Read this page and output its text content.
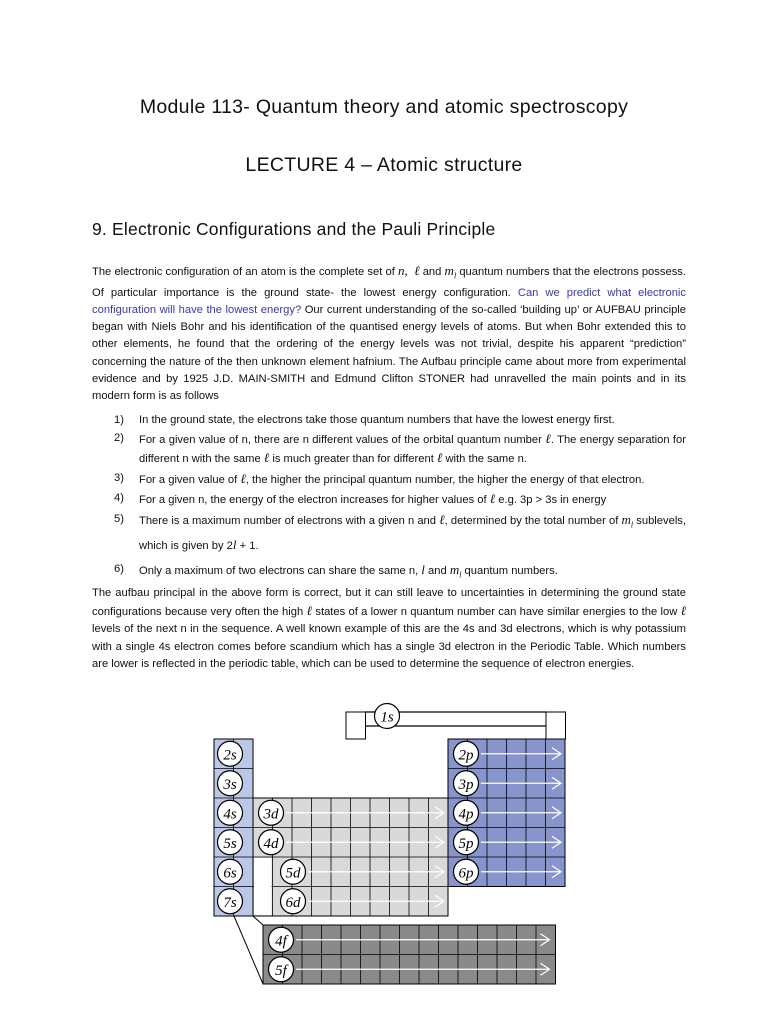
Module 113- Quantum theory and atomic spectroscopy
LECTURE 4 – Atomic structure
9. Electronic Configurations and the Pauli Principle
The electronic configuration of an atom is the complete set of n, ℓ and $m_l$ quantum numbers that the electrons possess. Of particular importance is the ground state- the lowest energy configuration. Can we predict what electronic configuration will have the lowest energy? Our current understanding of the so-called ‘building up’ or AUFBAU principle began with Niels Bohr and his identification of the quantised energy levels of atoms. But when Bohr extended this to other elements, he found that the ordering of the energy levels was not trivial, despite his apparent “prediction” concerning the nature of the then unknown element hafnium. The Aufbau principle came about more from experimental evidence and by 1925 J.D. MAIN-SMITH and Edmund Clifton STONER had unravelled the main points and in its modern form is as follows
1) In the ground state, the electrons take those quantum numbers that have the lowest energy first.
2) For a given value of n, there are n different values of the orbital quantum number ℓ. The energy separation for different n with the same ℓ is much greater than for different ℓ with the same n.
3) For a given value of ℓ, the higher the principal quantum number, the higher the energy of that electron.
4) For a given n, the energy of the electron increases for higher values of ℓ e.g. 3p > 3s in energy
5) There is a maximum number of electrons with a given n and ℓ, determined by the total number of $m_l$ sublevels, which is given by 2l + 1.
6) Only a maximum of two electrons can share the same n, l and $m_l$ quantum numbers.
The aufbau principal in the above form is correct, but it can still leave to uncertainties in determining the ground state configurations because very often the high ℓ states of a lower n quantum number can have similar energies to the low ℓ levels of the next n in the sequence. A well known example of this are the 4s and 3d electrons, which is why potassium with a single 4s electron comes before scandium which has a single 3d electron in the Periodic Table. Which numbers are lower is reflected in the periodic table, which can be used to determine the sequence of electron energies.
1s
2s
3s
4s
5s
6s
7s
3d
4d
5d
6d
2p
3p
4p
5p
6p
4f
5f
